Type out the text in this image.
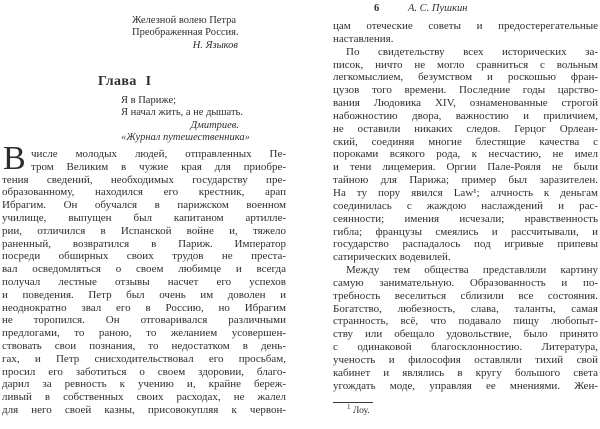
Железной волею Петра
Преображенная Россия.
Н. Языков
Глава I
Я в Париже;
Я начал жить, а не дышать.
Дмитриев.
«Журнал путешественника»
В числе молодых людей, отправленных Пе-
тром Великим в чужие края для приобре-
тения сведений, необходимых государству пре-
образованному, находился его крестник, арап
Ибрагим. Он обучался в парижском военном
училище, выпущен был капитаном артилле-
рии, отличился в Испанской войне и, тяжело
раненный, возвратился в Париж. Император
посреди обширных своих трудов не преста-
вал осведомляться о своем любимце и всегда
получал лестные отзывы насчет его успехов
и поведения. Петр был очень им доволен и
неоднократно звал его в Россию, но Ибрагим
не торопился. Он отговаривался различными
предлогами, то раною, то желанием усовершен-
ствовать свои познания, то недостатком в день-
гах, и Петр снисходительствовал его просьбам,
просил его заботиться о своем здоровии, благо-
дарил за ревность к учению и, крайне береж-
ливый в собственных своих расходах, не жалел
для него своей казны, присовокупляя к червон-
6	А. С. Пушкин
цам отеческие советы и предостерегательные
наставления.
По свидетельству всех исторических за-
писок, ничто не могло сравниться с вольным
легкомыслием, безумством и роскошью фран-
цузов того времени. Последние годы царство-
вания Людовика XIV, ознаменованные строгой
набожностию двора, важностию и приличием,
не оставили никаких следов. Герцог Орлеан-
ский, соединяя многие блестящие качества с
пороками всякого рода, к несчастию, не имел
и тени лицемерия. Оргии Пале-Рояля не были
тайною для Парижа; пример был заразителен.
На ту пору явился Law¹; алчность к деньгам
соединилась с жаждою наслаждений и рас-
сеянности; имения исчезали; нравственность
гибла; французы смеялись и рассчитывали, и
государство распадалось под игривые припевы
сатирических водевилей.
Между тем общества представляли картину
самую занимательную. Образованность и по-
требность веселиться сблизили все состояния.
Богатство, любезность, слава, таланты, самая
странность, всё, что подавало пищу любопыт-
ству или обещало удовольствие, было принято
с одинаковой благосклонностию. Литература,
ученость и философия оставляли тихий свой
кабинет и являлись в кругу большого света
угождать моде, управляя ее мнениями. Жен-
$^1$ Лоу.
